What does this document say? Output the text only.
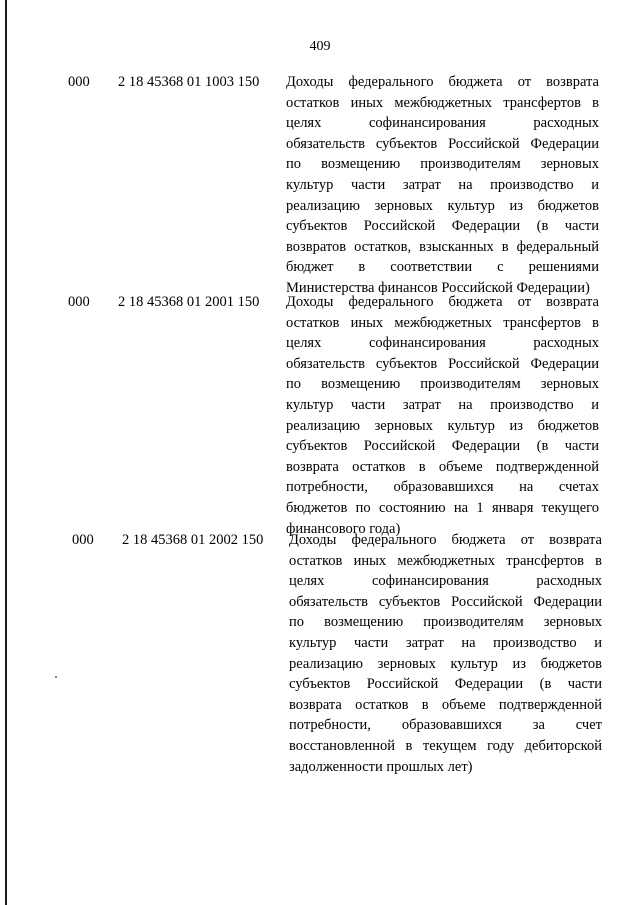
409
000 2 18 45368 01 1003 150 Доходы федерального бюджета от возврата
остатков иных межбюджетных трансфертов в
целях софинансирования расходных
обязательств субъектов Российской Федерации
по возмещению производителям зерновых
культур части затрат на производство и
реализацию зерновых культур из бюджетов
субъектов Российской Федерации (в части
возвратов остатков, взысканных в федеральный
бюджет в соответствии с решениями
Министерства финансов Российской Федерации)
000 2 18 45368 01 2001 150 Доходы федерального бюджета от возврата
остатков иных межбюджетных трансфертов в
целях софинансирования расходных
обязательств субъектов Российской Федерации
по возмещению производителям зерновых
культур части затрат на производство и
реализацию зерновых культур из бюджетов
субъектов Российской Федерации (в части
возврата остатков в объеме подтвержденной
потребности, образовавшихся на счетах
бюджетов по состоянию на 1 января текущего
финансового года)
000 2 18 45368 01 2002 150 Доходы федерального бюджета от возврата
остатков иных межбюджетных трансфертов в
целях софинансирования расходных
обязательств субъектов Российской Федерации
по возмещению производителям зерновых
культур части затрат на производство и
реализацию зерновых культур из бюджетов
субъектов Российской Федерации (в части
возврата остатков в объеме подтвержденной
потребности, образовавшихся за счет
восстановленной в текущем году дебиторской
задолженности прошлых лет)
